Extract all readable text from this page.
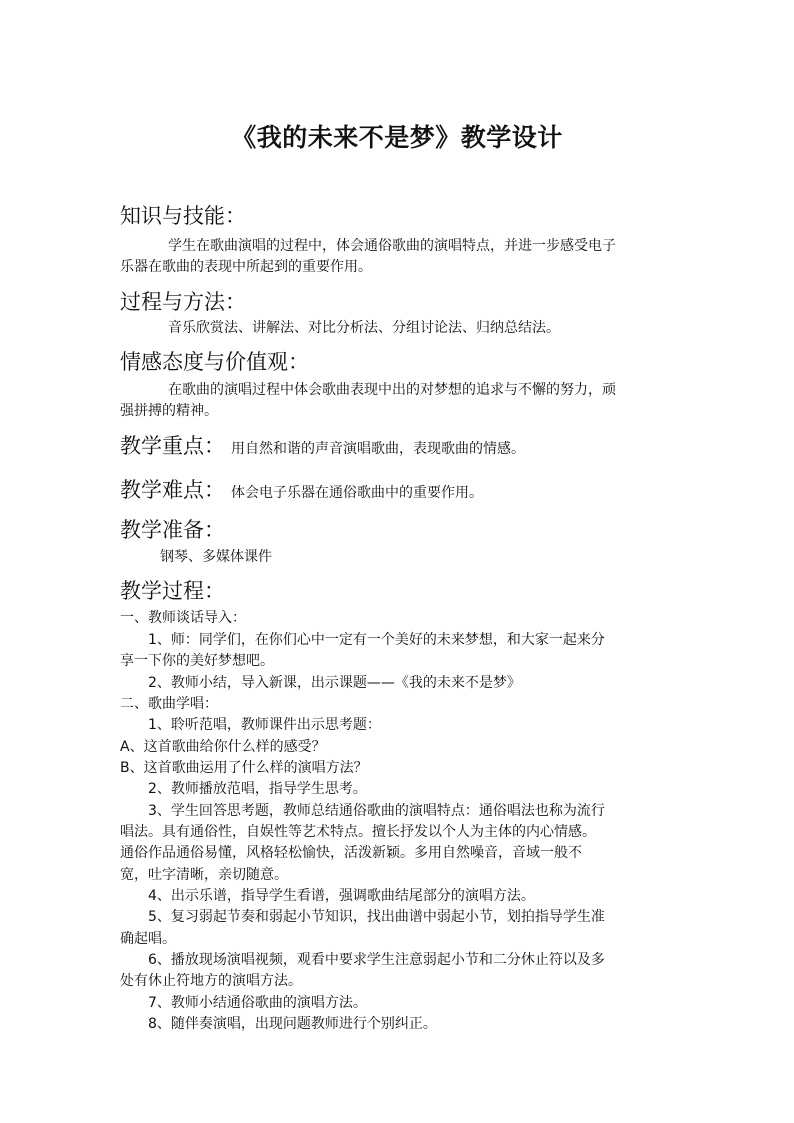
《我的未来不是梦》教学设计
知识与技能：
学生在歌曲演唱的过程中，体会通俗歌曲的演唱特点，并进一步感受电子
乐器在歌曲的表现中所起到的重要作用。
过程与方法：
音乐欣赏法、讲解法、对比分析法、分组讨论法、归纳总结法。
情感态度与价值观：
在歌曲的演唱过程中体会歌曲表现中出的对梦想的追求与不懈的努力，顽
强拼搏的精神。
教学重点： 用自然和谐的声音演唱歌曲，表现歌曲的情感。
教学难点： 体会电子乐器在通俗歌曲中的重要作用。
教学准备：
钢琴、多媒体课件
教学过程：
一、教师谈话导入：
1、师：同学们，在你们心中一定有一个美好的未来梦想，和大家一起来分
享一下你的美好梦想吧。
2、教师小结，导入新课，出示课题——《我的未来不是梦》
二、歌曲学唱：
1、聆听范唱，教师课件出示思考题：
A、这首歌曲给你什么样的感受？
B、这首歌曲运用了什么样的演唱方法？
2、教师播放范唱，指导学生思考。
3、学生回答思考题，教师总结通俗歌曲的演唱特点：通俗唱法也称为流行
唱法。具有通俗性，自娱性等艺术特点。擅长抒发以个人为主体的内心情感。
通俗作品通俗易懂，风格轻松愉快，活泼新颖。多用自然噪音，音域一般不
宽，吐字清晰，亲切随意。
4、出示乐谱，指导学生看谱，强调歌曲结尾部分的演唱方法。
5、复习弱起节奏和弱起小节知识，找出曲谱中弱起小节，划拍指导学生准
确起唱。
6、播放现场演唱视频，观看中要求学生注意弱起小节和二分休止符以及多
处有休止符地方的演唱方法。
7、教师小结通俗歌曲的演唱方法。
8、随伴奏演唱，出现问题教师进行个别纠正。
